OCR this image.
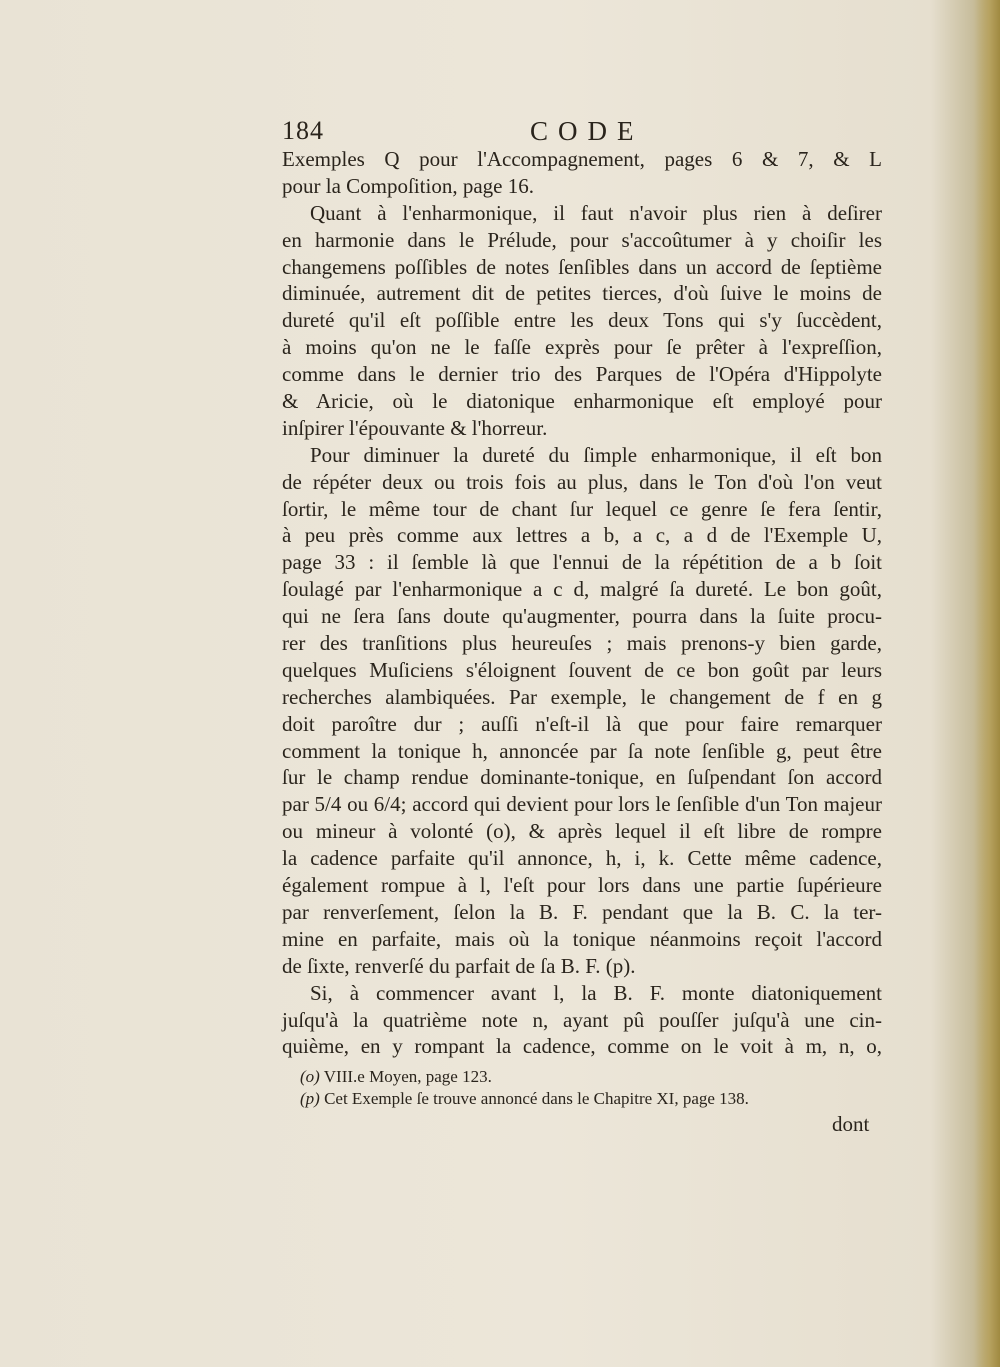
184	CODE
Exemples Q pour l'Accompagnement, pages 6 & 7, & L
pour la Compoſition, page 16.
Quant à l'enharmonique, il faut n'avoir plus rien à deſirer
en harmonie dans le Prélude, pour s'accoûtumer à y choiſir les
changemens poſſibles de notes ſenſibles dans un accord de ſeptième
diminuée, autrement dit de petites tierces, d'où ſuive le moins de
dureté qu'il eſt poſſible entre les deux Tons qui s'y ſuccèdent,
à moins qu'on ne le faſſe exprès pour ſe prêter à l'expreſſion,
comme dans le dernier trio des Parques de l'Opéra d'Hippolyte
& Aricie, où le diatonique enharmonique eſt employé pour
inſpirer l'épouvante & l'horreur.
Pour diminuer la dureté du ſimple enharmonique, il eſt bon
de répéter deux ou trois fois au plus, dans le Ton d'où l'on veut
ſortir, le même tour de chant ſur lequel ce genre ſe fera ſentir,
à peu près comme aux lettres a b, a c, a d de l'Exemple U,
page 33 : il ſemble là que l'ennui de la répétition de a b ſoit
ſoulagé par l'enharmonique a c d, malgré ſa dureté. Le bon goût,
qui ne ſera ſans doute qu'augmenter, pourra dans la ſuite procu-
rer des tranſitions plus heureuſes ; mais prenons-y bien garde,
quelques Muſiciens s'éloignent ſouvent de ce bon goût par leurs
recherches alambiquées. Par exemple, le changement de f en g
doit paroître dur ; auſſi n'eſt-il là que pour faire remarquer
comment la tonique h, annoncée par ſa note ſenſible g, peut être
ſur le champ rendue dominante-tonique, en ſuſpendant ſon accord
par 5/4 ou 6/4; accord qui devient pour lors le ſenſible d'un Ton majeur
ou mineur à volonté (o), & après lequel il eſt libre de rompre
la cadence parfaite qu'il annonce, h, i, k. Cette même cadence,
également rompue à l, l'eſt pour lors dans une partie ſupérieure
par renverſement, ſelon la B. F. pendant que la B. C. la ter-
mine en parfaite, mais où la tonique néanmoins reçoit l'accord
de ſixte, renverſé du parfait de ſa B. F. (p).
Si, à commencer avant l, la B. F. monte diatoniquement
juſqu'à la quatrième note n, ayant pû pouſſer juſqu'à une cin-
quième, en y rompant la cadence, comme on le voit à m, n, o,
(o) VIII.e Moyen, page 123.
(p) Cet Exemple ſe trouve annoncé dans le Chapitre XI, page 138.
dont
